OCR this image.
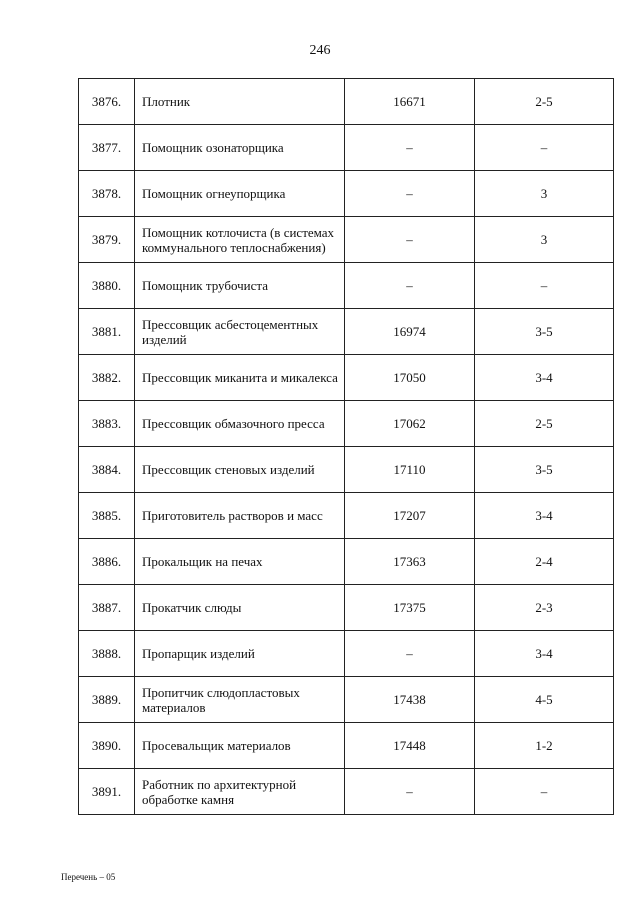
246
3876.	Плотник	16671	2-5
3877.	Помощник озонаторщика	–	–
3878.	Помощник огнеупорщика	–	3
3879.	Помощник котлочиста (в системах коммунального теплоснабжения)	–	3
3880.	Помощник трубочиста	–	–
3881.	Прессовщик асбестоцементных изделий	16974	3-5
3882.	Прессовщик миканита и микалекса	17050	3-4
3883.	Прессовщик обмазочного пресса	17062	2-5
3884.	Прессовщик стеновых изделий	17110	3-5
3885.	Приготовитель растворов и масс	17207	3-4
3886.	Прокальщик на печах	17363	2-4
3887.	Прокатчик слюды	17375	2-3
3888.	Пропарщик изделий	–	3-4
3889.	Пропитчик слюдопластовых материалов	17438	4-5
3890.	Просевальщик материалов	17448	1-2
3891.	Работник по архитектурной обработке камня	–	–
Перечень – 05
